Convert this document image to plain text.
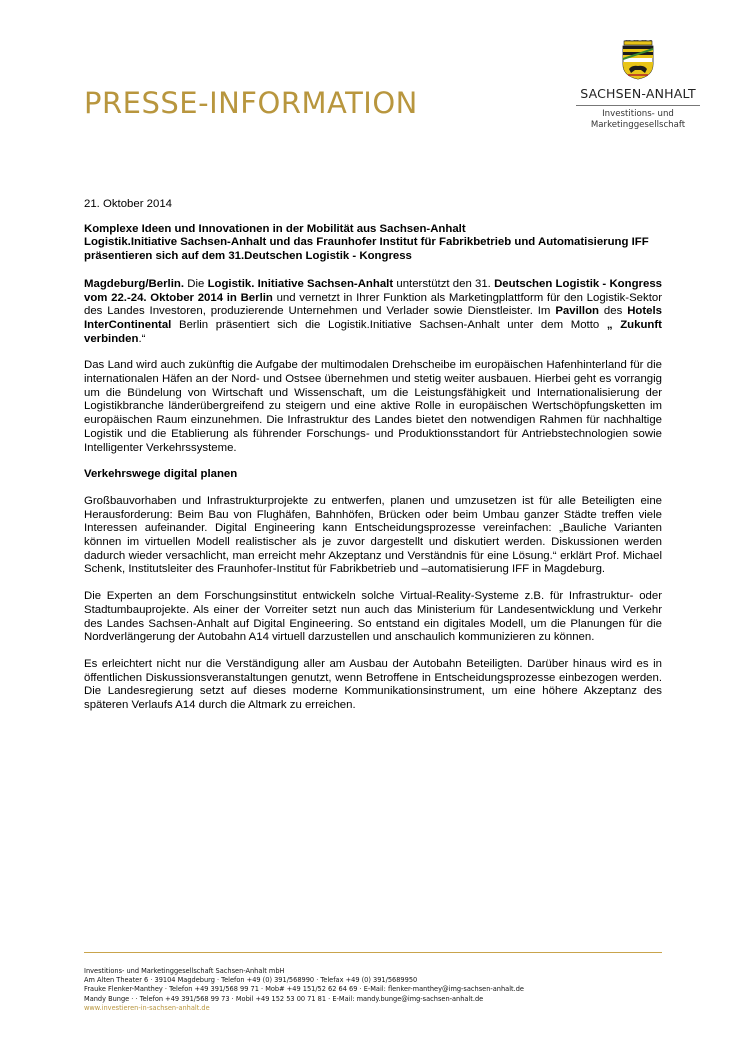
PRESSE-INFORMATION	SACHSEN-ANHALT
Investitions- und
Marketinggesellschaft
21. Oktober 2014
Komplexe Ideen und Innovationen in der Mobilität aus Sachsen-Anhalt
Logistik.Initiative Sachsen-Anhalt und das Fraunhofer Institut für Fabrikbetrieb und Automatisierung IFF präsentieren sich auf dem 31.Deutschen Logistik - Kongress
Magdeburg/Berlin. Die Logistik. Initiative Sachsen-Anhalt unterstützt den 31. Deutschen Logistik - Kongress vom 22.-24. Oktober 2014 in Berlin und vernetzt in Ihrer Funktion als Marketingplattform für den Logistik-Sektor des Landes Investoren, produzierende Unternehmen und Verlader sowie Dienstleister. Im Pavillon des Hotels InterContinental Berlin präsentiert sich die Logistik.Initiative Sachsen-Anhalt unter dem Motto „ Zukunft verbinden.“
Das Land wird auch zukünftig die Aufgabe der multimodalen Drehscheibe im europäischen Hafenhinterland für die internationalen Häfen an der Nord- und Ostsee übernehmen und stetig weiter ausbauen. Hierbei geht es vorrangig um die Bündelung von Wirtschaft und Wissenschaft, um die Leistungsfähigkeit und Internationalisierung der Logistikbranche länderübergreifend zu steigern und eine aktive Rolle in europäischen Wertschöpfungsketten im europäischen Raum einzunehmen. Die Infrastruktur des Landes bietet den notwendigen Rahmen für nachhaltige Logistik und die Etablierung als führender Forschungs- und Produktionsstandort für Antriebstechnologien sowie Intelligenter Verkehrssysteme.
Verkehrswege digital planen
Großbauvorhaben und Infrastrukturprojekte zu entwerfen, planen und umzusetzen ist für alle Beteiligten eine Herausforderung: Beim Bau von Flughäfen, Bahnhöfen, Brücken oder beim Umbau ganzer Städte treffen viele Interessen aufeinander. Digital Engineering kann Entscheidungsprozesse vereinfachen: „Bauliche Varianten können im virtuellen Modell realistischer als je zuvor dargestellt und diskutiert werden. Diskussionen werden dadurch wieder versachlicht, man erreicht mehr Akzeptanz und Verständnis für eine Lösung.“ erklärt Prof. Michael Schenk, Institutsleiter des Fraunhofer-Institut für Fabrikbetrieb und –automatisierung IFF in Magdeburg.
Die Experten an dem Forschungsinstitut entwickeln solche Virtual-Reality-Systeme z.B. für Infrastruktur- oder Stadtumbauprojekte. Als einer der Vorreiter setzt nun auch das Ministerium für Landesentwicklung und Verkehr des Landes Sachsen-Anhalt auf Digital Engineering. So entstand ein digitales Modell, um die Planungen für die Nordverlängerung der Autobahn A14 virtuell darzustellen und anschaulich kommunizieren zu können.
Es erleichtert nicht nur die Verständigung aller am Ausbau der Autobahn Beteiligten. Darüber hinaus wird es in öffentlichen Diskussionsveranstaltungen genutzt, wenn Betroffene in Entscheidungsprozesse einbezogen werden. Die Landesregierung setzt auf dieses moderne Kommunikationsinstrument, um eine höhere Akzeptanz des späteren Verlaufs A14 durch die Altmark zu erreichen.
Investitions- und Marketinggesellschaft Sachsen-Anhalt mbH
Am Alten Theater 6 · 39104 Magdeburg · Telefon +49 (0) 391/568990 · Telefax +49 (0) 391/5689950
Frauke Flenker-Manthey · Telefon +49 391/568 99 71 · Mob# +49 151/52 62 64 69 · E-Mail: flenker-manthey@img-sachsen-anhalt.de
Mandy Bunge · · Telefon +49 391/568 99 73 · Mobil +49 152 53 00 71 81 · E-Mail: mandy.bunge@img-sachsen-anhalt.de
www.investieren-in-sachsen-anhalt.de
